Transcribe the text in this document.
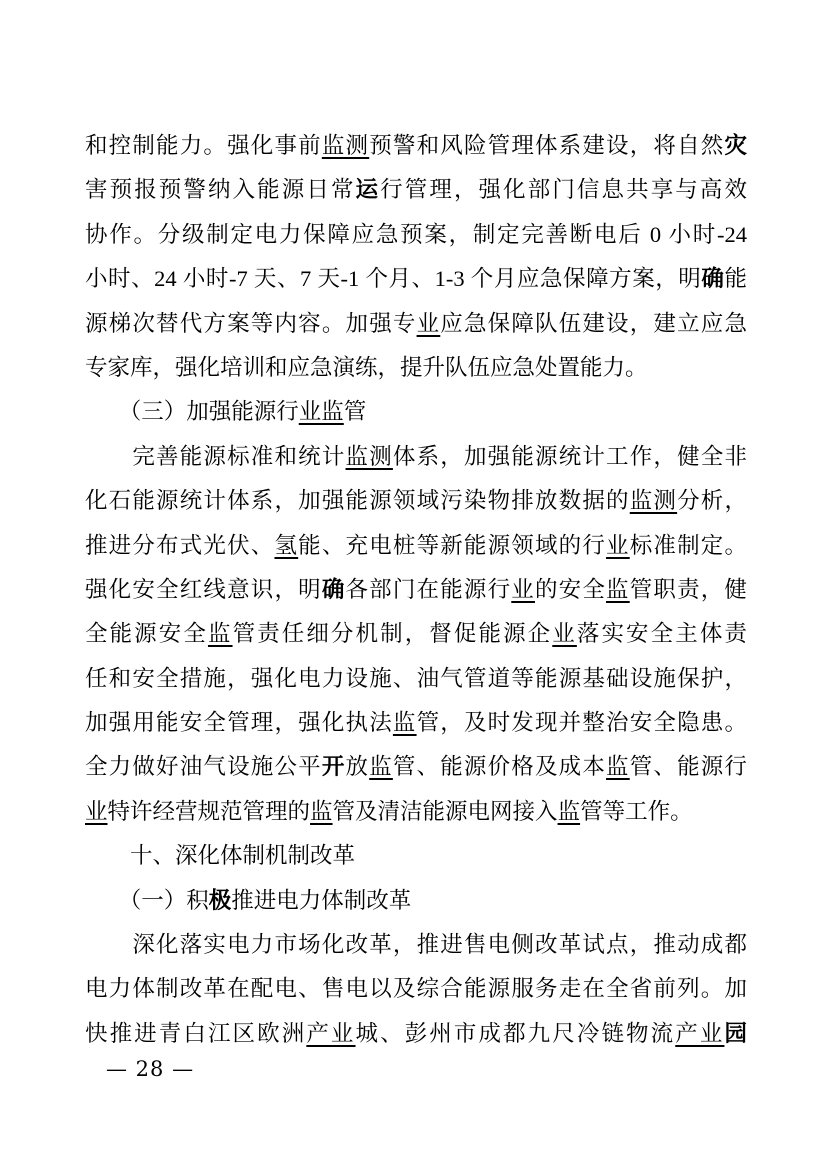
和控制能力。强化事前监测预警和风险管理体系建设，将自然灾
害预报预警纳入能源日常运行管理，强化部门信息共享与高效
协作。分级制定电力保障应急预案，制定完善断电后 0 小时-24
小时、24 小时-7 天、7 天-1 个月、1-3 个月应急保障方案，明确能
源梯次替代方案等内容。加强专业应急保障队伍建设，建立应急
专家库，强化培训和应急演练，提升队伍应急处置能力。
　　（三）加强能源行业监管
　　完善能源标准和统计监测体系，加强能源统计工作，健全非
化石能源统计体系，加强能源领域污染物排放数据的监测分析，
推进分布式光伏、氢能、充电桩等新能源领域的行业标准制定。
强化安全红线意识，明确各部门在能源行业的安全监管职责，健
全能源安全监管责任细分机制，督促能源企业落实安全主体责
任和安全措施，强化电力设施、油气管道等能源基础设施保护，
加强用能安全管理，强化执法监管，及时发现并整治安全隐患。
全力做好油气设施公平开放监管、能源价格及成本监管、能源行
业特许经营规范管理的监管及清洁能源电网接入监管等工作。
　　十、深化体制机制改革
　　（一）积极推进电力体制改革
　　深化落实电力市场化改革，推进售电侧改革试点，推动成都
电力体制改革在配电、售电以及综合能源服务走在全省前列。加
快推进青白江区欧洲产业城、彭州市成都九尺冷链物流产业园
— 28 —
